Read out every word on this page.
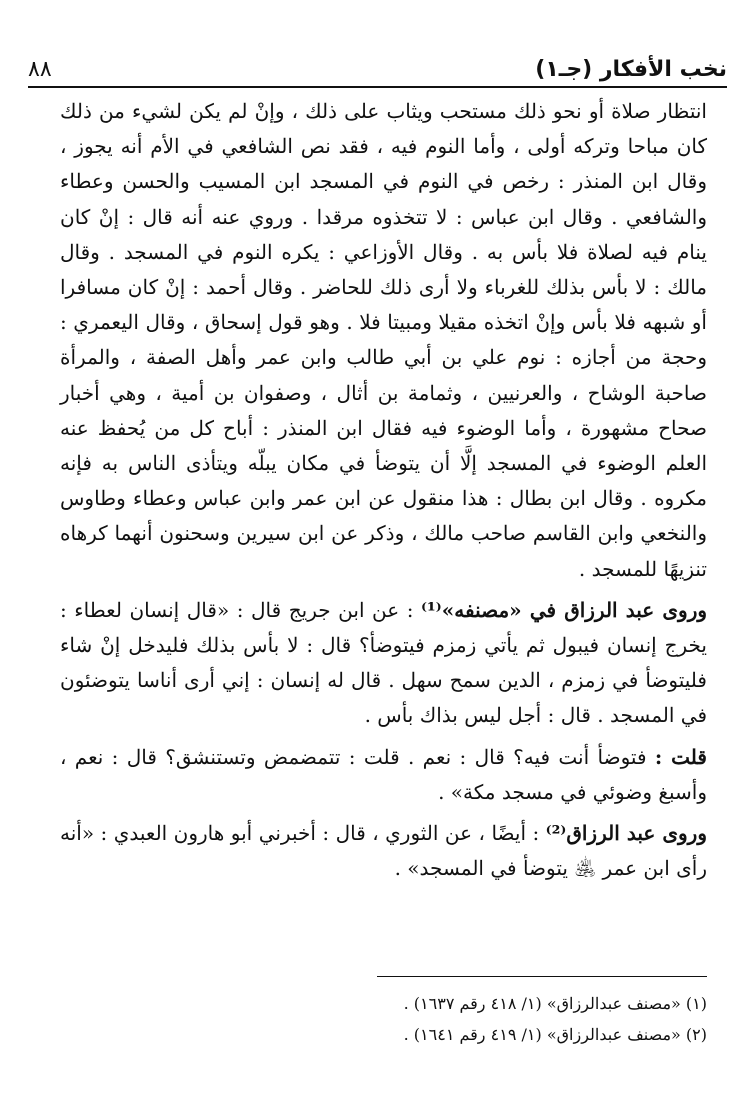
نخب الأفكار (جـ١)
٨٨

انتظار صلاة أو نحو ذلك مستحب ويثاب على ذلك ، وإنْ لم يكن لشيء من ذلك كان مباحا وتركه أولى ، وأما النوم فيه ، فقد نص الشافعي في الأم أنه يجوز ، وقال ابن المنذر : رخص في النوم في المسجد ابن المسيب والحسن وعطاء والشافعي . وقال ابن عباس : لا تتخذوه مرقدا . وروي عنه أنه قال : إنْ كان ينام فيه لصلاة فلا بأس به . وقال الأوزاعي : يكره النوم في المسجد . وقال مالك : لا بأس بذلك للغرباء ولا أرى ذلك للحاضر . وقال أحمد : إنْ كان مسافرا أو شبهه فلا بأس وإنْ اتخذه مقيلا ومبيتا فلا . وهو قول إسحاق ، وقال اليعمري : وحجة من أجازه : نوم علي بن أبي طالب وابن عمر وأهل الصفة ، والمرأة صاحبة الوشاح ، والعرنيين ، وثمامة بن أثال ، وصفوان بن أمية ، وهي أخبار صحاح مشهورة ، وأما الوضوء فيه فقال ابن المنذر : أباح كل من يُحفظ عنه العلم الوضوء في المسجد إلَّا أن يتوضأ في مكان يبلّه ويتأذى الناس به فإنه مكروه . وقال ابن بطال : هذا منقول عن ابن عمر وابن عباس وعطاء وطاوس والنخعي وابن القاسم صاحب مالك ، وذكر عن ابن سيرين وسحنون أنهما كرهاه تنزيهًا للمسجد .

وروى عبد الرزاق في «مصنفه»⁽¹⁾ : عن ابن جريج قال : «قال إنسان لعطاء : يخرج إنسان فيبول ثم يأتي زمزم فيتوضأ؟ قال : لا بأس بذلك فليدخل إنْ شاء فليتوضأ في زمزم ، الدين سمح سهل . قال له إنسان : إني أرى أناسا يتوضئون في المسجد . قال : أجل ليس بذاك بأس .

قلت : فتوضأ أنت فيه؟ قال : نعم . قلت : تتمضمض وتستنشق؟ قال : نعم ، وأسبغ وضوئي في مسجد مكة» .

وروى عبد الرزاق⁽²⁾ : أيضًا ، عن الثوري ، قال : أخبرني أبو هارون العبدي : «أنه رأى ابن عمر ﵁ يتوضأ في المسجد» .

(١) «مصنف عبدالرزاق» (١/ ٤١٨ رقم ١٦٣٧) .
(٢) «مصنف عبدالرزاق» (١/ ٤١٩ رقم ١٦٤١) .
